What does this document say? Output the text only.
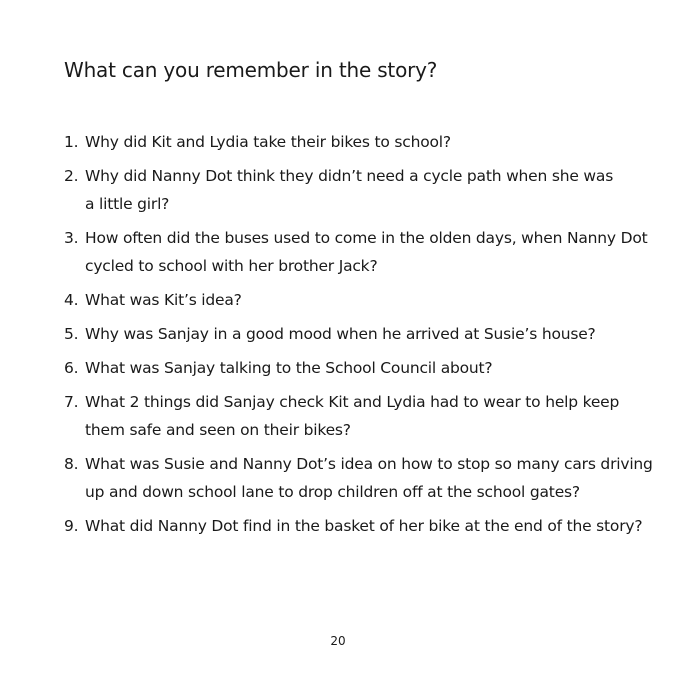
What can you remember in the story?
1. Why did Kit and Lydia take their bikes to school?
2. Why did Nanny Dot think they didn’t need a cycle path when she was
a little girl?
3. How often did the buses used to come in the olden days, when Nanny Dot
cycled to school with her brother Jack?
4. What was Kit’s idea?
5. Why was Sanjay in a good mood when he arrived at Susie’s house?
6. What was Sanjay talking to the School Council about?
7. What 2 things did Sanjay check Kit and Lydia had to wear to help keep
them safe and seen on their bikes?
8. What was Susie and Nanny Dot’s idea on how to stop so many cars driving
up and down school lane to drop children off at the school gates?
9. What did Nanny Dot find in the basket of her bike at the end of the story?
20
